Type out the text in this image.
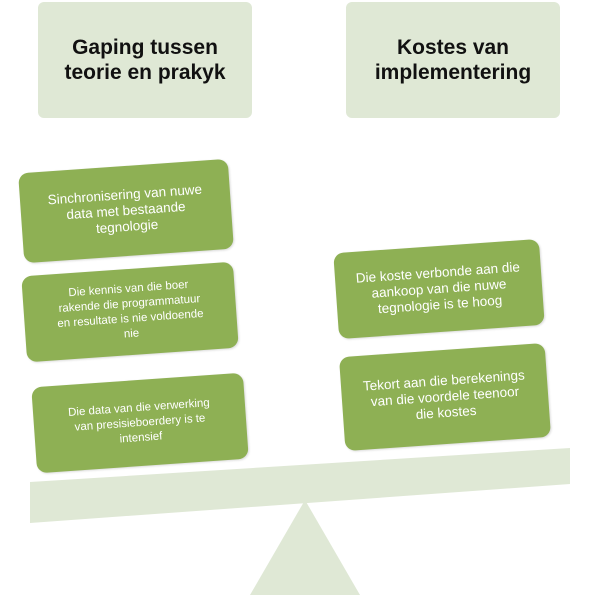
Gaping tussen
teorie en prakyk
Kostes van
implementering
Sinchronisering van nuwe
data met bestaande
tegnologie
Die kennis van die boer
rakende die programmatuur
en resultate is nie voldoende
nie
Die data van die verwerking
van presisieboerdery is te
intensief
Die koste verbonde aan die
aankoop van die nuwe
tegnologie is te hoog
Tekort aan die berekenings
van die voordele teenoor
die kostes
